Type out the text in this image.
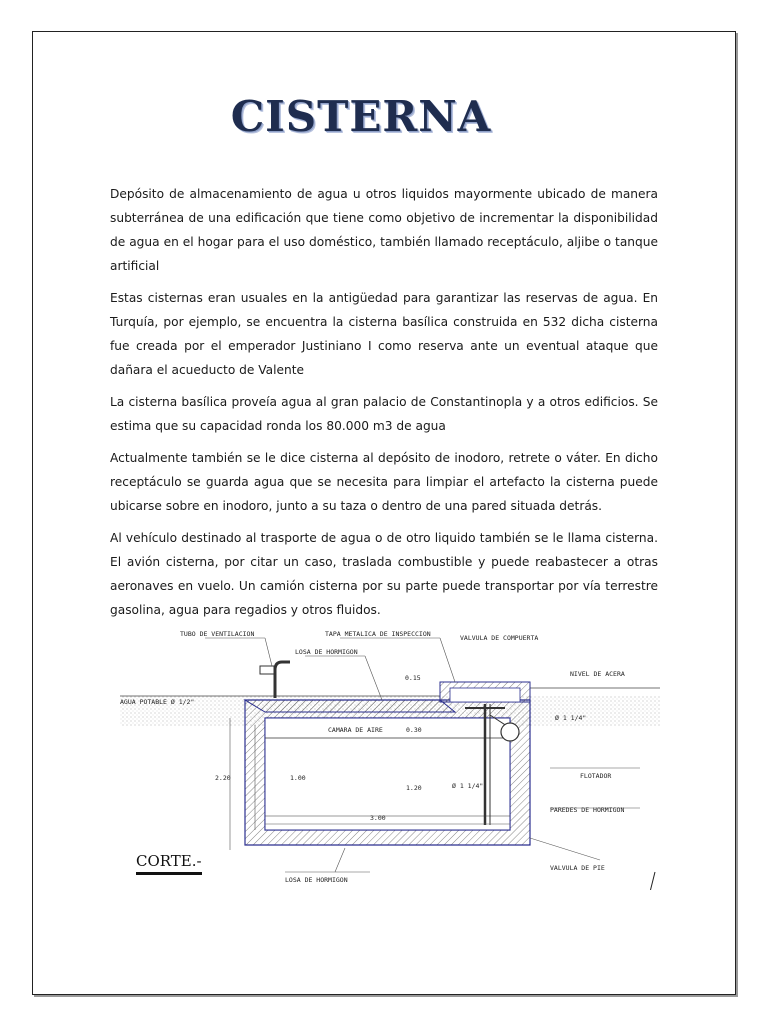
CISTERNA

Depósito de almacenamiento de agua u otros liquidos mayormente ubicado de manera subterránea de una edificación que tiene como objetivo de incrementar la disponibilidad de agua en el hogar para el uso doméstico, también llamado receptáculo, aljibe o tanque artificial

Estas cisternas eran usuales en la antigüedad para garantizar las reservas de agua. En Turquía, por ejemplo, se encuentra la cisterna basílica construida en 532 dicha cisterna fue creada por el emperador Justiniano I como reserva ante un eventual ataque que dañara el acueducto de Valente

La cisterna basílica proveía agua al gran palacio de Constantinopla y a otros edificios. Se estima que su capacidad ronda los 80.000 m3 de agua

Actualmente también se le dice cisterna al depósito de inodoro, retrete o váter. En dicho receptáculo se guarda agua que se necesita para limpiar el artefacto la cisterna puede ubicarse sobre en inodoro, junto a su taza o dentro de una pared situada detrás.

Al vehículo destinado al trasporte de agua o de otro liquido también se le llama cisterna. El avión cisterna, por citar un caso, traslada combustible y puede reabastecer a otras aeronaves en vuelo. Un camión cisterna por su parte puede transportar por vía terrestre gasolina, agua para regadios y otros fluidos.

TUBO DE VENTILACION	TAPA METALICA DE INSPECCION	VALVULA DE COMPUERTA
LOSA DE HORMIGON
NIVEL DE ACERA
AGUA POTABLE Ø 1/2"
CAMARA DE AIRE
FLOTADOR
PAREDES DE HORMIGON
VALVULA DE PIE
LOSA DE HORMIGON
0.15
0.30
1.00
1.20
2.20
3.00
Ø 1 1/4"
Ø 1 1/4"
CORTE.-
